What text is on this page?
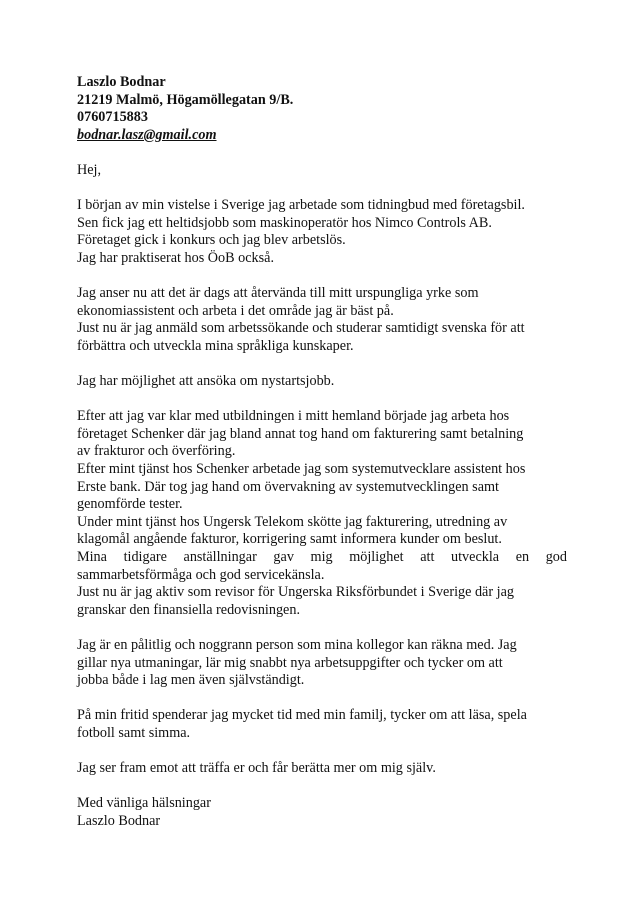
Laszlo Bodnar
21219 Malmö, Högamöllegatan 9/B.
0760715883
bodnar.lasz@gmail.com
Hej,
I början av min vistelse i Sverige jag arbetade som tidningbud med företagsbil.
Sen fick jag ett heltidsjobb som maskinoperatör hos Nimco Controls AB.
Företaget gick i konkurs och jag blev arbetslös.
Jag har praktiserat hos ÖoB också.
Jag anser nu att det är dags att återvända till mitt urspungliga yrke som
ekonomiassistent och arbeta i det område jag är bäst på.
Just nu är jag anmäld som arbetssökande och studerar samtidigt svenska för att
förbättra och utveckla mina språkliga kunskaper.
Jag har möjlighet att ansöka om nystartsjobb.
Efter att jag var klar med utbildningen i mitt hemland började jag arbeta hos
företaget Schenker där jag bland annat tog hand om fakturering samt betalning
av frakturor och överföring.
Efter mint tjänst hos Schenker arbetade jag som systemutvecklare assistent hos
Erste bank. Där tog jag hand om övervakning av systemutvecklingen samt
genomförde tester.
Under mint tjänst hos Ungersk Telekom skötte jag fakturering, utredning av
klagomål angående fakturor, korrigering samt informera kunder om beslut.
Mina tidigare anställningar gav mig möjlighet att utveckla en god
sammarbetsförmåga och god servicekänsla.
Just nu är jag aktiv som revisor för Ungerska Riksförbundet i Sverige där jag
granskar den finansiella redovisningen.
Jag är en pålitlig och noggrann person som mina kollegor kan räkna med. Jag
gillar nya utmaningar, lär mig snabbt nya arbetsuppgifter och tycker om att
jobba både i lag men även självständigt.
På min fritid spenderar jag mycket tid med min familj, tycker om att läsa, spela
fotboll samt simma.
Jag ser fram emot att träffa er och får berätta mer om mig själv.
Med vänliga hälsningar
Laszlo Bodnar
